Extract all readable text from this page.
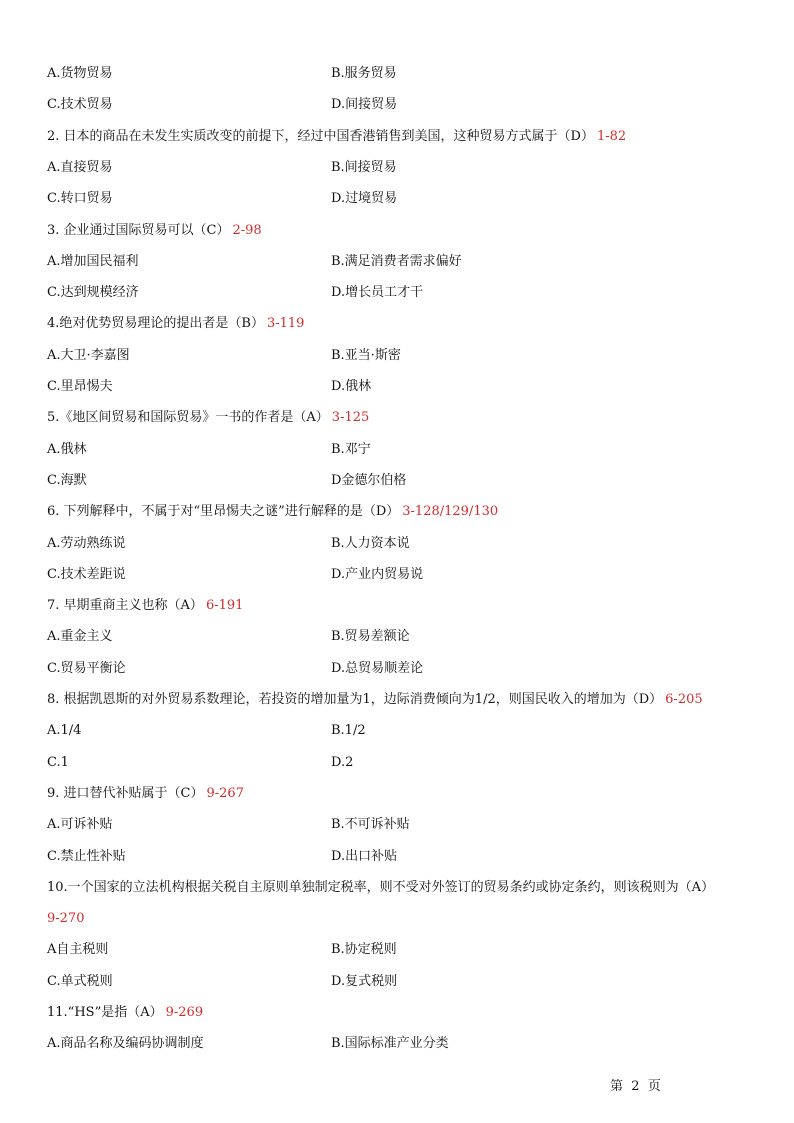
A.货物贸易	B.服务贸易
C.技术贸易	D.间接贸易
2. 日本的商品在未发生实质改变的前提下，经过中国香港销售到美国，这种贸易方式属于（D） 1-82
A.直接贸易	B.间接贸易
C.转口贸易	D.过境贸易
3. 企业通过国际贸易可以（C） 2-98
A.增加国民福利	B.满足消费者需求偏好
C.达到规模经济	D.增长员工才干
4.绝对优势贸易理论的提出者是（B） 3-119
A.大卫·李嘉图	B.亚当·斯密
C.里昂惕夫	D.俄林
5.《地区间贸易和国际贸易》一书的作者是（A） 3-125
A.俄林	B.邓宁
C.海默	D金德尔伯格
6. 下列解释中，不属于对“里昂惕夫之谜”进行解释的是（D） 3-128/129/130
A.劳动熟练说	B.人力资本说
C.技术差距说	D.产业内贸易说
7. 早期重商主义也称（A） 6-191
A.重金主义	B.贸易差额论
C.贸易平衡论	D.总贸易顺差论
8. 根据凯恩斯的对外贸易系数理论，若投资的增加量为1，边际消费倾向为1/2，则国民收入的增加为（D） 6-205
A.1/4	B.1/2
C.1	D.2
9. 进口替代补贴属于（C） 9-267
A.可诉补贴	B.不可诉补贴
C.禁止性补贴	D.出口补贴
10.一个国家的立法机构根据关税自主原则单独制定税率，则不受对外签订的贸易条约或协定条约，则该税则为（A）
9-270
A自主税则	B.协定税则
C.单式税则	D.复式税则
11.“HS”是指（A） 9-269
A.商品名称及编码协调制度	B.国际标准产业分类
第 2 页
